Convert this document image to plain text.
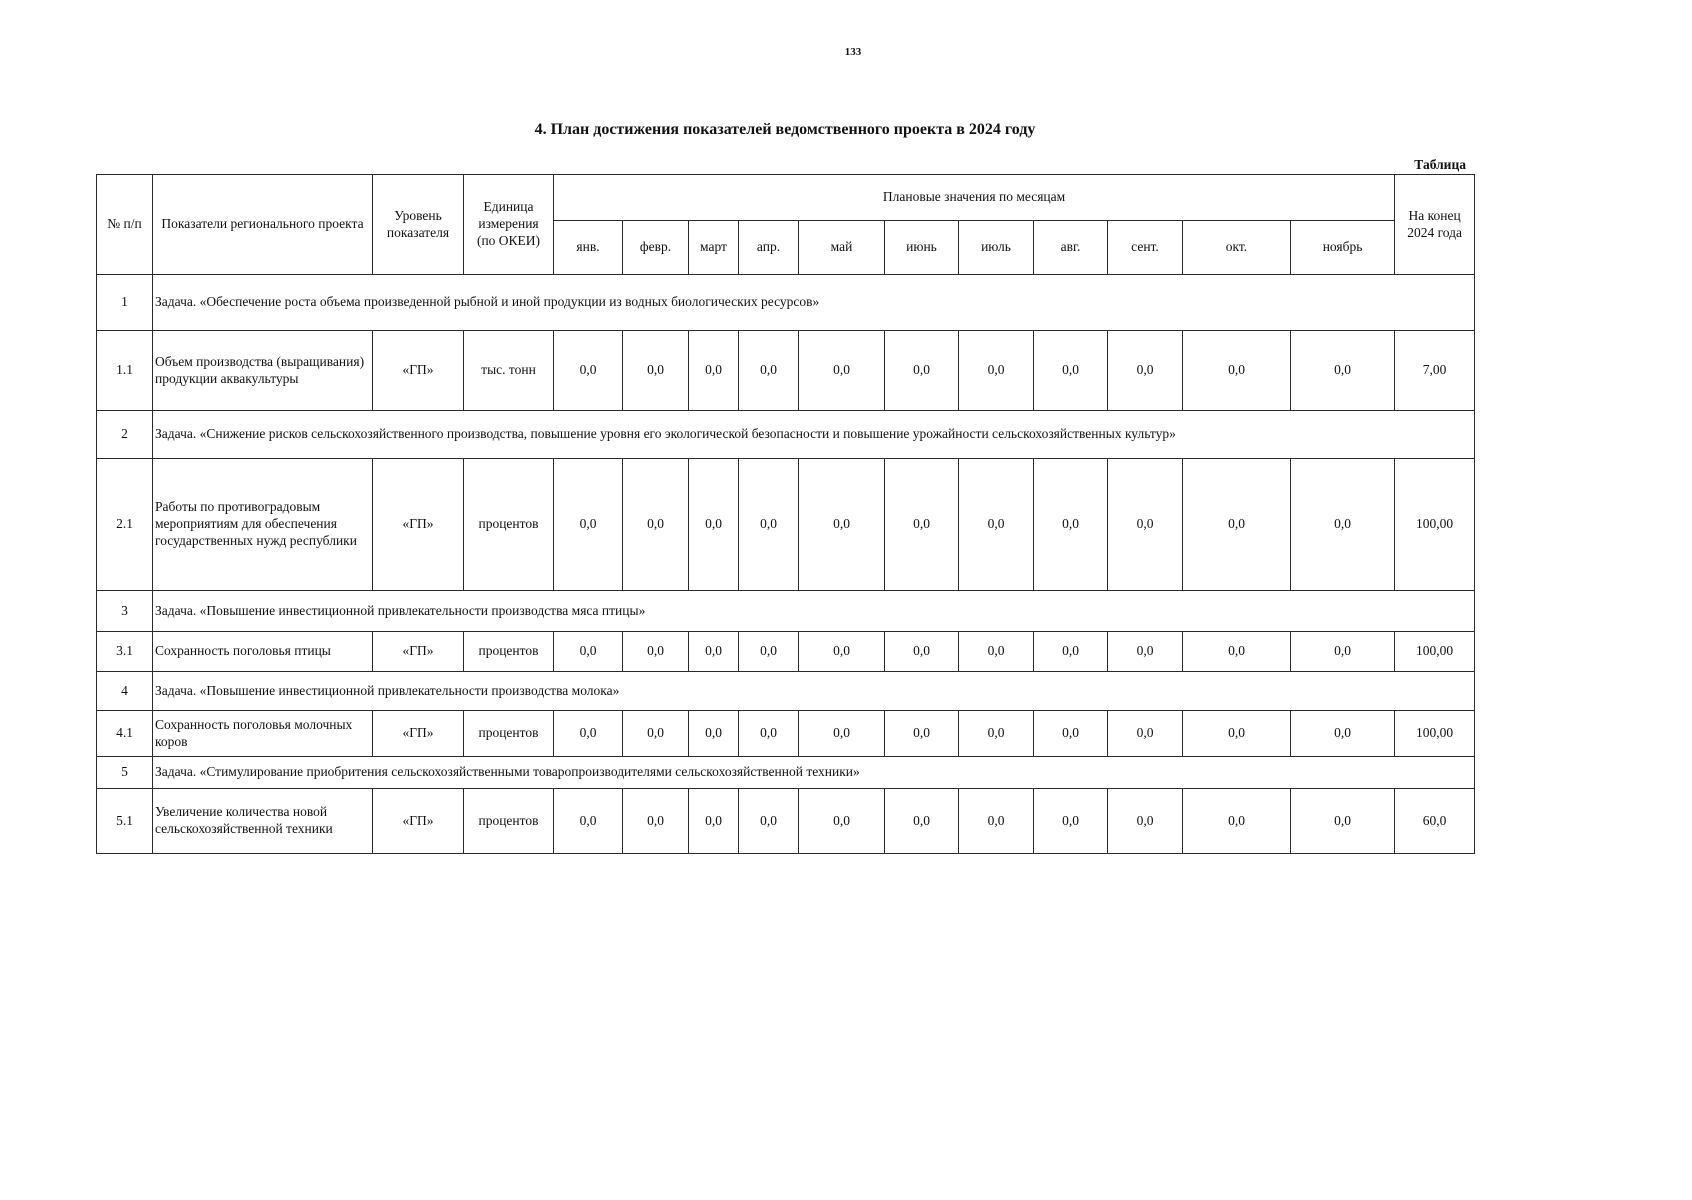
133
4. План достижения показателей ведомственного проекта в 2024 году
Таблица
№ п/п	Показатели регионального проекта	Уровень показателя	Единица измерения (по ОКЕИ)	Плановые значения по месяцам											На конец 2024 года
				янв.	февр.	март	апр.	май	июнь	июль	авг.	сент.	окт.	ноябрь	
1	Задача. «Обеспечение роста объема произведенной рыбной и иной продукции из водных биологических ресурсов»														
1.1	Объем производства (выращивания) продукции аквакультуры	«ГП»	тыс. тонн	0,0	0,0	0,0	0,0	0,0	0,0	0,0	0,0	0,0	0,0	0,0	7,00
2	Задача. «Снижение рисков сельскохозяйственного производства, повышение уровня его экологической безопасности и повышение урожайности сельскохозяйственных культур»														
2.1	Работы по противоградовым мероприятиям для обеспечения государственных нужд республики	«ГП»	процентов	0,0	0,0	0,0	0,0	0,0	0,0	0,0	0,0	0,0	0,0	0,0	100,00
3	Задача. «Повышение инвестиционной привлекательности производства мяса птицы»														
3.1	Сохранность поголовья птицы	«ГП»	процентов	0,0	0,0	0,0	0,0	0,0	0,0	0,0	0,0	0,0	0,0	0,0	100,00
4	Задача. «Повышение инвестиционной привлекательности производства молока»														
4.1	Сохранность поголовья молочных коров	«ГП»	процентов	0,0	0,0	0,0	0,0	0,0	0,0	0,0	0,0	0,0	0,0	0,0	100,00
5	Задача. «Стимулирование приобритения сельскохозяйственными товаропроизводителями сельскохозяйственной техники»														
5.1	Увеличение количества новой сельскохозяйственной техники	«ГП»	процентов	0,0	0,0	0,0	0,0	0,0	0,0	0,0	0,0	0,0	0,0	0,0	60,0
